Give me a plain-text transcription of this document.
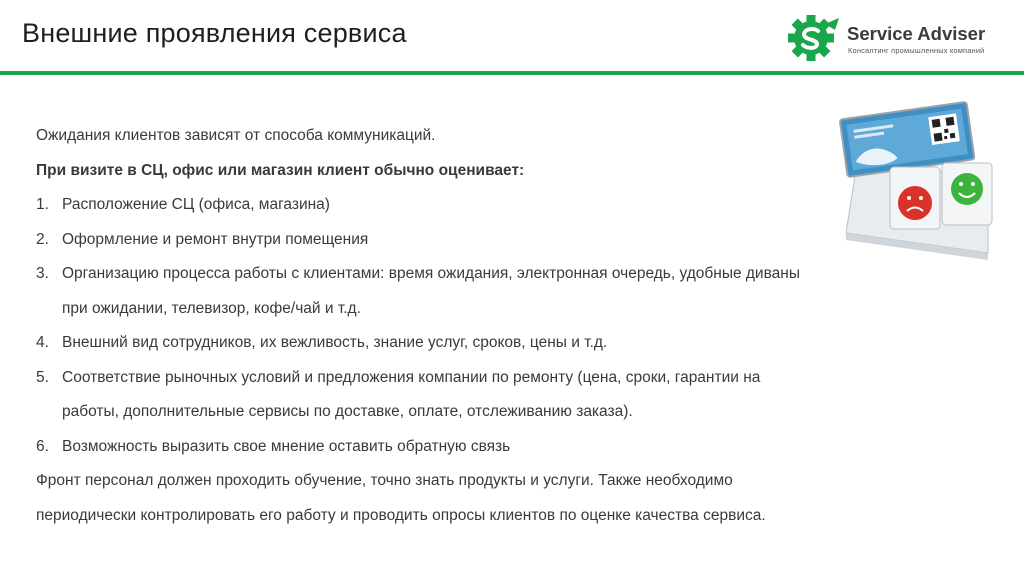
Внешние проявления сервиса	Service Adviser
Консалтинг промышленных компаний
Ожидания клиентов зависят от способа коммуникаций.
При визите в СЦ, офис или магазин клиент обычно оценивает:
1. Расположение СЦ (офиса, магазина)
2. Оформление и ремонт внутри помещения
3. Организацию процесса работы с клиентами: время ожидания, электронная очередь, удобные диваны
при ожидании, телевизор, кофе/чай и т.д.
4. Внешний вид сотрудников, их вежливость, знание услуг, сроков, цены и т.д.
5. Соответствие рыночных условий и предложения компании по ремонту (цена, сроки, гарантии на
работы, дополнительные сервисы по доставке, оплате, отслеживанию заказа).
6. Возможность выразить свое мнение оставить обратную связь
Фронт персонал должен проходить обучение, точно знать продукты и услуги. Также необходимо
периодически контролировать его работу и проводить опросы клиентов по оценке качества сервиса.
